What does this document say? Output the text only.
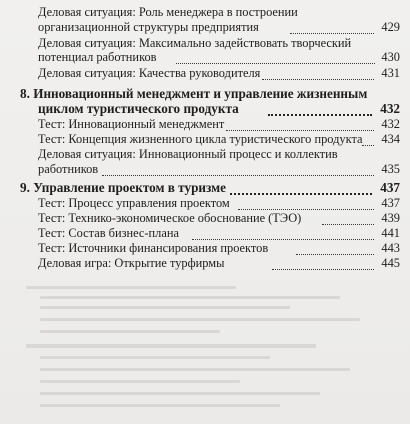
Деловая ситуация: Роль менеджера в построении
организационной структуры предприятия	429
Деловая ситуация: Максимально задействовать творческий
потенциал работников	430
Деловая ситуация: Качества руководителя	431
8. Инновационный менеджмент и управление жизненным
циклом туристического продукта	432
Тест: Инновационный менеджмент	432
Тест: Концепция жизненного цикла туристического продукта 434
Деловая ситуация: Инновационный процесс и коллектив
работников	435
9. Управление проектом в туризме	437
Тест: Процесс управления проектом	437
Тест: Технико-экономическое обоснование (ТЭО)	439
Тест: Состав бизнес-плана	441
Тест: Источники финансирования проектов	443
Деловая игра: Открытие турфирмы	445
